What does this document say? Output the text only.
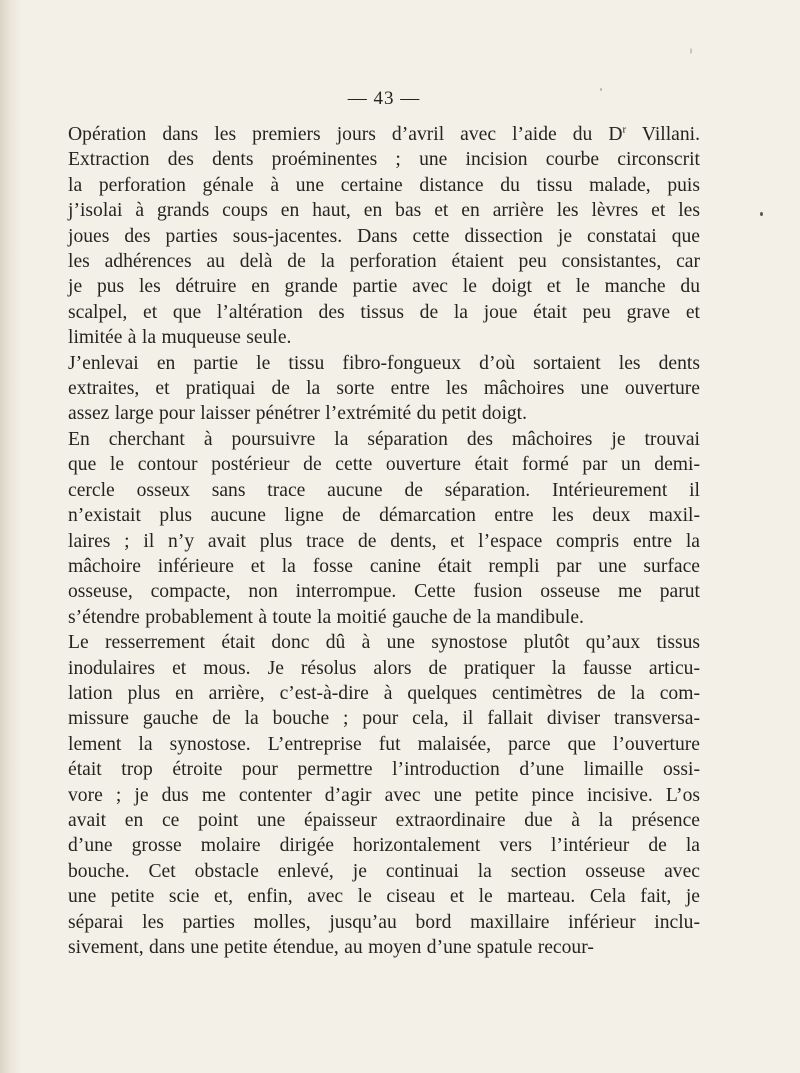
— 43 —
Opération dans les premiers jours d’avril avec l’aide du $D^r$ Villani.
Extraction des dents proéminentes ; une incision courbe circonscrit
la perforation génale à une certaine distance du tissu malade, puis
j’isolai à grands coups en haut, en bas et en arrière les lèvres et les
joues des parties sous-jacentes. Dans cette dissection je constatai que
les adhérences au delà de la perforation étaient peu consistantes, car
je pus les détruire en grande partie avec le doigt et le manche du
scalpel, et que l’altération des tissus de la joue était peu grave et
limitée à la muqueuse seule.
J’enlevai en partie le tissu fibro-fongueux d’où sortaient les dents
extraites, et pratiquai de la sorte entre les mâchoires une ouverture
assez large pour laisser pénétrer l’extrémité du petit doigt.
En cherchant à poursuivre la séparation des mâchoires je trouvai
que le contour postérieur de cette ouverture était formé par un demi-
cercle osseux sans trace aucune de séparation. Intérieurement il
n’existait plus aucune ligne de démarcation entre les deux maxil-
laires ; il n’y avait plus trace de dents, et l’espace compris entre la
mâchoire inférieure et la fosse canine était rempli par une surface
osseuse, compacte, non interrompue. Cette fusion osseuse me parut
s’étendre probablement à toute la moitié gauche de la mandibule.
Le resserrement était donc dû à une synostose plutôt qu’aux tissus
inodulaires et mous. Je résolus alors de pratiquer la fausse articu-
lation plus en arrière, c’est-à-dire à quelques centimètres de la com-
missure gauche de la bouche ; pour cela, il fallait diviser transversa-
lement la synostose. L’entreprise fut malaisée, parce que l’ouverture
était trop étroite pour permettre l’introduction d’une limaille ossi-
vore ; je dus me contenter d’agir avec une petite pince incisive. L’os
avait en ce point une épaisseur extraordinaire due à la présence
d’une grosse molaire dirigée horizontalement vers l’intérieur de la
bouche. Cet obstacle enlevé, je continuai la section osseuse avec
une petite scie et, enfin, avec le ciseau et le marteau. Cela fait, je
séparai les parties molles, jusqu’au bord maxillaire inférieur inclu-
sivement, dans une petite étendue, au moyen d’une spatule recour-
